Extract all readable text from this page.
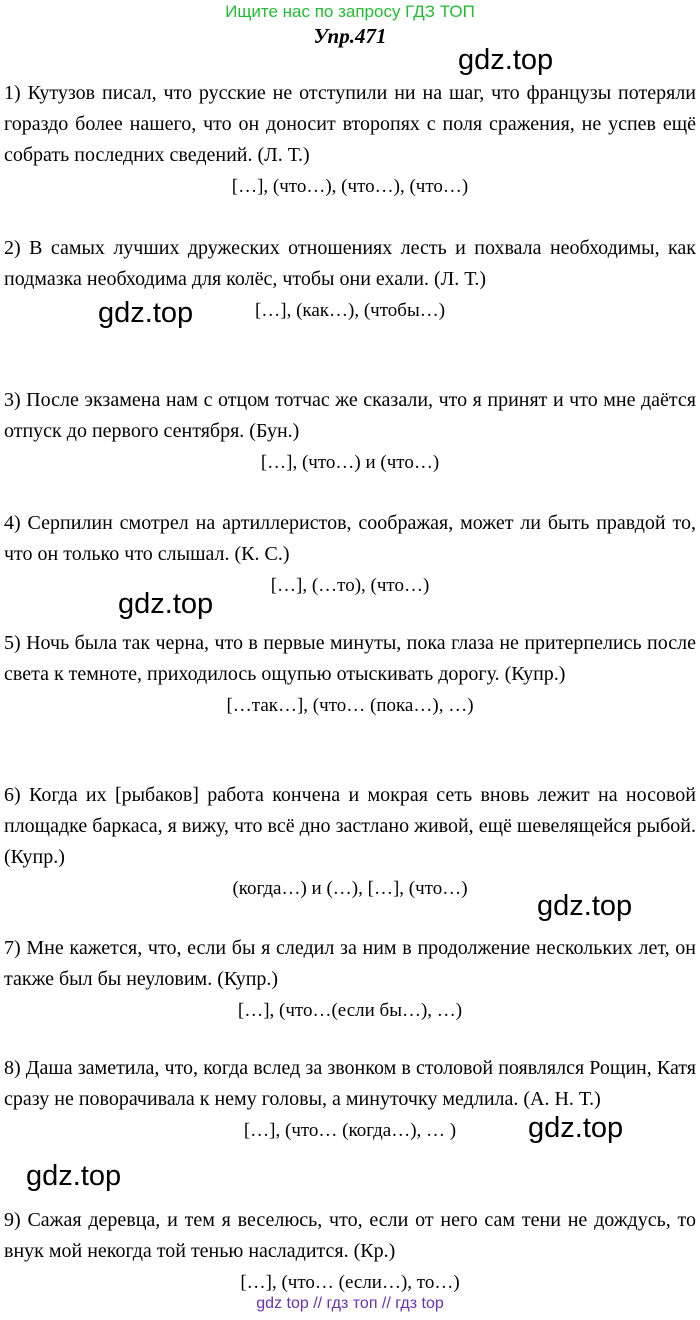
Ищите нас по запросу ГДЗ ТОП
Упр.471
1) Кутузов писал, что русские не отступили ни на шаг, что французы потеряли гораздо более нашего, что он доносит второпях с поля сражения, не успев ещё собрать последних сведений. (Л. Т.)
[…], (что…), (что…), (что…)
2) В самых лучших дружеских отношениях лесть и похвала необходимы, как подмазка необходима для колёс, чтобы они ехали. (Л. Т.)
[…], (как…), (чтобы…)
3) После экзамена нам с отцом тотчас же сказали, что я принят и что мне даётся отпуск до первого сентября. (Бун.)
[…], (что…) и (что…)
4) Серпилин смотрел на артиллеристов, соображая, может ли быть правдой то, что он только что слышал. (К. С.)
[…], (…то), (что…)
5) Ночь была так черна, что в первые минуты, пока глаза не притерпелись после света к темноте, приходилось ощупью отыскивать дорогу. (Купр.)
[…так…], (что… (пока…), …)
6) Когда их [рыбаков] работа кончена и мокрая сеть вновь лежит на носовой площадке баркаса, я вижу, что всё дно застлано живой, ещё шевелящейся рыбой. (Купр.)
(когда…) и (…), […], (что…)
7) Мне кажется, что, если бы я следил за ним в продолжение нескольких лет, он также был бы неуловим. (Купр.)
[…], (что…(если бы…), …)
8) Даша заметила, что, когда вслед за звонком в столовой появлялся Рощин, Катя сразу не поворачивала к нему головы, а минуточку медлила. (А. Н. Т.)
[…], (что… (когда…), … )
9) Сажая деревца, и тем я веселюсь, что, если от него сам тени не дождусь, то внук мой некогда той тенью насладится. (Кр.)
[…], (что… (если…), то…)
gdz.top
gdz.top
gdz.top
gdz.top
gdz.top
gdz.top
gdz top // гдз топ // гдз top
